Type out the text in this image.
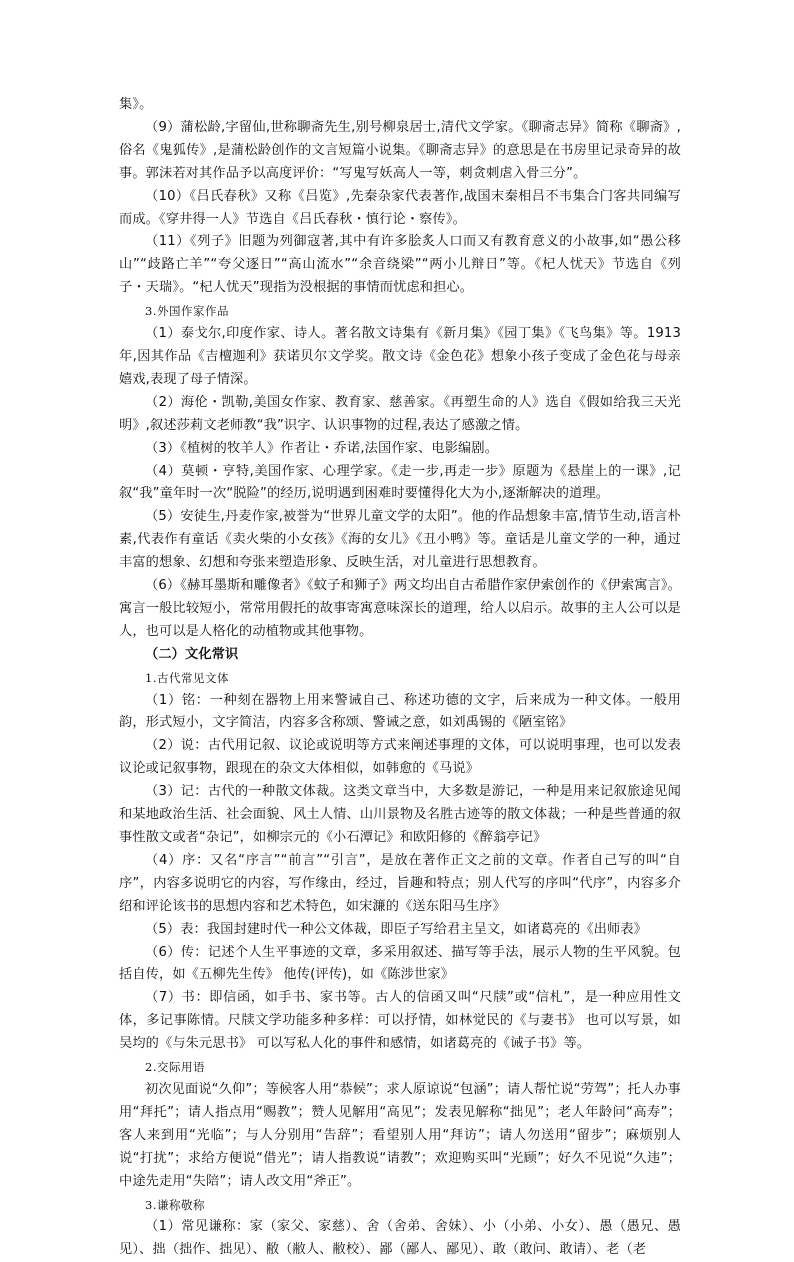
集》。

（9）蒲松龄,字留仙,世称聊斋先生,别号柳泉居士,清代文学家。《聊斋志异》简称《聊斋》,俗名《鬼狐传》,是蒲松龄创作的文言短篇小说集。《聊斋志异》的意思是在书房里记录奇异的故事。郭沫若对其作品予以高度评价：“写鬼写妖高人一等，刺贪刺虐入骨三分”。

（10）《吕氏春秋》又称《吕览》,先秦杂家代表著作,战国末秦相吕不韦集合门客共同编写而成。《穿井得一人》节选自《吕氏春秋・慎行论・察传》。

（11）《列子》旧题为列御寇著,其中有许多脍炙人口而又有教育意义的小故事,如“愚公移山”“歧路亡羊”“夸父逐日”“高山流水”“余音绕梁”“两小儿辩日”等。《杞人忧天》节选自《列子・天瑞》。“杞人忧天”现指为没根据的事情而忧虑和担心。

3.外国作家作品

（1）泰戈尔,印度作家、诗人。著名散文诗集有《新月集》《园丁集》《飞鸟集》等。1913年,因其作品《吉檀迦利》获诺贝尔文学奖。散文诗《金色花》想象小孩子变成了金色花与母亲嬉戏,表现了母子情深。

（2）海伦・凯勒,美国女作家、教育家、慈善家。《再塑生命的人》选自《假如给我三天光明》,叙述莎莉文老师教“我”识字、认识事物的过程,表达了感激之情。

（3）《植树的牧羊人》作者让・乔诺,法国作家、电影编剧。

（4）莫顿・亨特,美国作家、心理学家。《走一步,再走一步》原题为《悬崖上的一课》,记叙“我”童年时一次“脱险”的经历,说明遇到困难时要懂得化大为小,逐渐解决的道理。

（5）安徒生,丹麦作家,被誉为“世界儿童文学的太阳”。他的作品想象丰富,情节生动,语言朴素,代表作有童话《卖火柴的小女孩》《海的女儿》《丑小鸭》等。童话是儿童文学的一种，通过丰富的想象、幻想和夸张来塑造形象、反映生活，对儿童进行思想教育。

（6）《赫耳墨斯和雕像者》《蚊子和狮子》两文均出自古希腊作家伊索创作的《伊索寓言》。寓言一般比较短小，常常用假托的故事寄寓意味深长的道理，给人以启示。故事的主人公可以是人，也可以是人格化的动植物或其他事物。

（二）文化常识

1.古代常见文体

（1）铭：一种刻在器物上用来警诫自己、称述功德的文字，后来成为一种文体。一般用韵，形式短小，文字简洁，内容多含称颂、警诫之意，如刘禹锡的《陋室铭》

（2）说：古代用记叙、议论或说明等方式来阐述事理的文体，可以说明事理，也可以发表议论或记叙事物，跟现在的杂文大体相似，如韩愈的《马说》

（3）记：古代的一种散文体裁。这类文章当中，大多数是游记，一种是用来记叙旅途见闻和某地政治生活、社会面貌、风土人情、山川景物及名胜古迹等的散文体裁；一种是些普通的叙事性散文或者“杂记”，如柳宗元的《小石潭记》和欧阳修的《醉翁亭记》

（4）序：又名“序言”“前言”“引言”，是放在著作正文之前的文章。作者自己写的叫“自序”，内容多说明它的内容，写作缘由，经过，旨趣和特点；别人代写的序叫“代序”，内容多介绍和评论该书的思想内容和艺术特色，如宋濂的《送东阳马生序》

（5）表：我国封建时代一种公文体裁，即臣子写给君主呈文，如诸葛亮的《出师表》

（6）传：记述个人生平事迹的文章，多采用叙述、描写等手法，展示人物的生平风貌。包括自传，如《五柳先生传》 他传(评传)，如《陈涉世家》

（7）书：即信函，如手书、家书等。古人的信函又叫“尺牍”或“信札”，是一种应用性文体，多记事陈情。尺牍文学功能多种多样：可以抒情，如林觉民的《与妻书》 也可以写景，如吴均的《与朱元思书》 可以写私人化的事件和感情，如诸葛亮的《诫子书》等。

2.交际用语

初次见面说“久仰”；等候客人用“恭候”；求人原谅说“包涵”；请人帮忙说“劳驾”；托人办事用“拜托”；请人指点用“赐教”；赞人见解用“高见”；发表见解称“拙见”；老人年龄问“高寿”；客人来到用“光临”；与人分别用“告辞”；看望别人用“拜访”；请人勿送用“留步”；麻烦别人说“打扰”；求给方便说“借光”；请人指教说“请教”；欢迎购买叫“光顾”；好久不见说“久违”；中途先走用“失陪”；请人改文用“斧正”。

3.谦称敬称

（1）常见谦称：家（家父、家慈）、舍（舍弟、舍妹）、小（小弟、小女）、愚（愚兄、愚见）、拙（拙作、拙见）、敝（敝人、敝校）、鄙（鄙人、鄙见）、敢（敢问、敢请）、老（老
